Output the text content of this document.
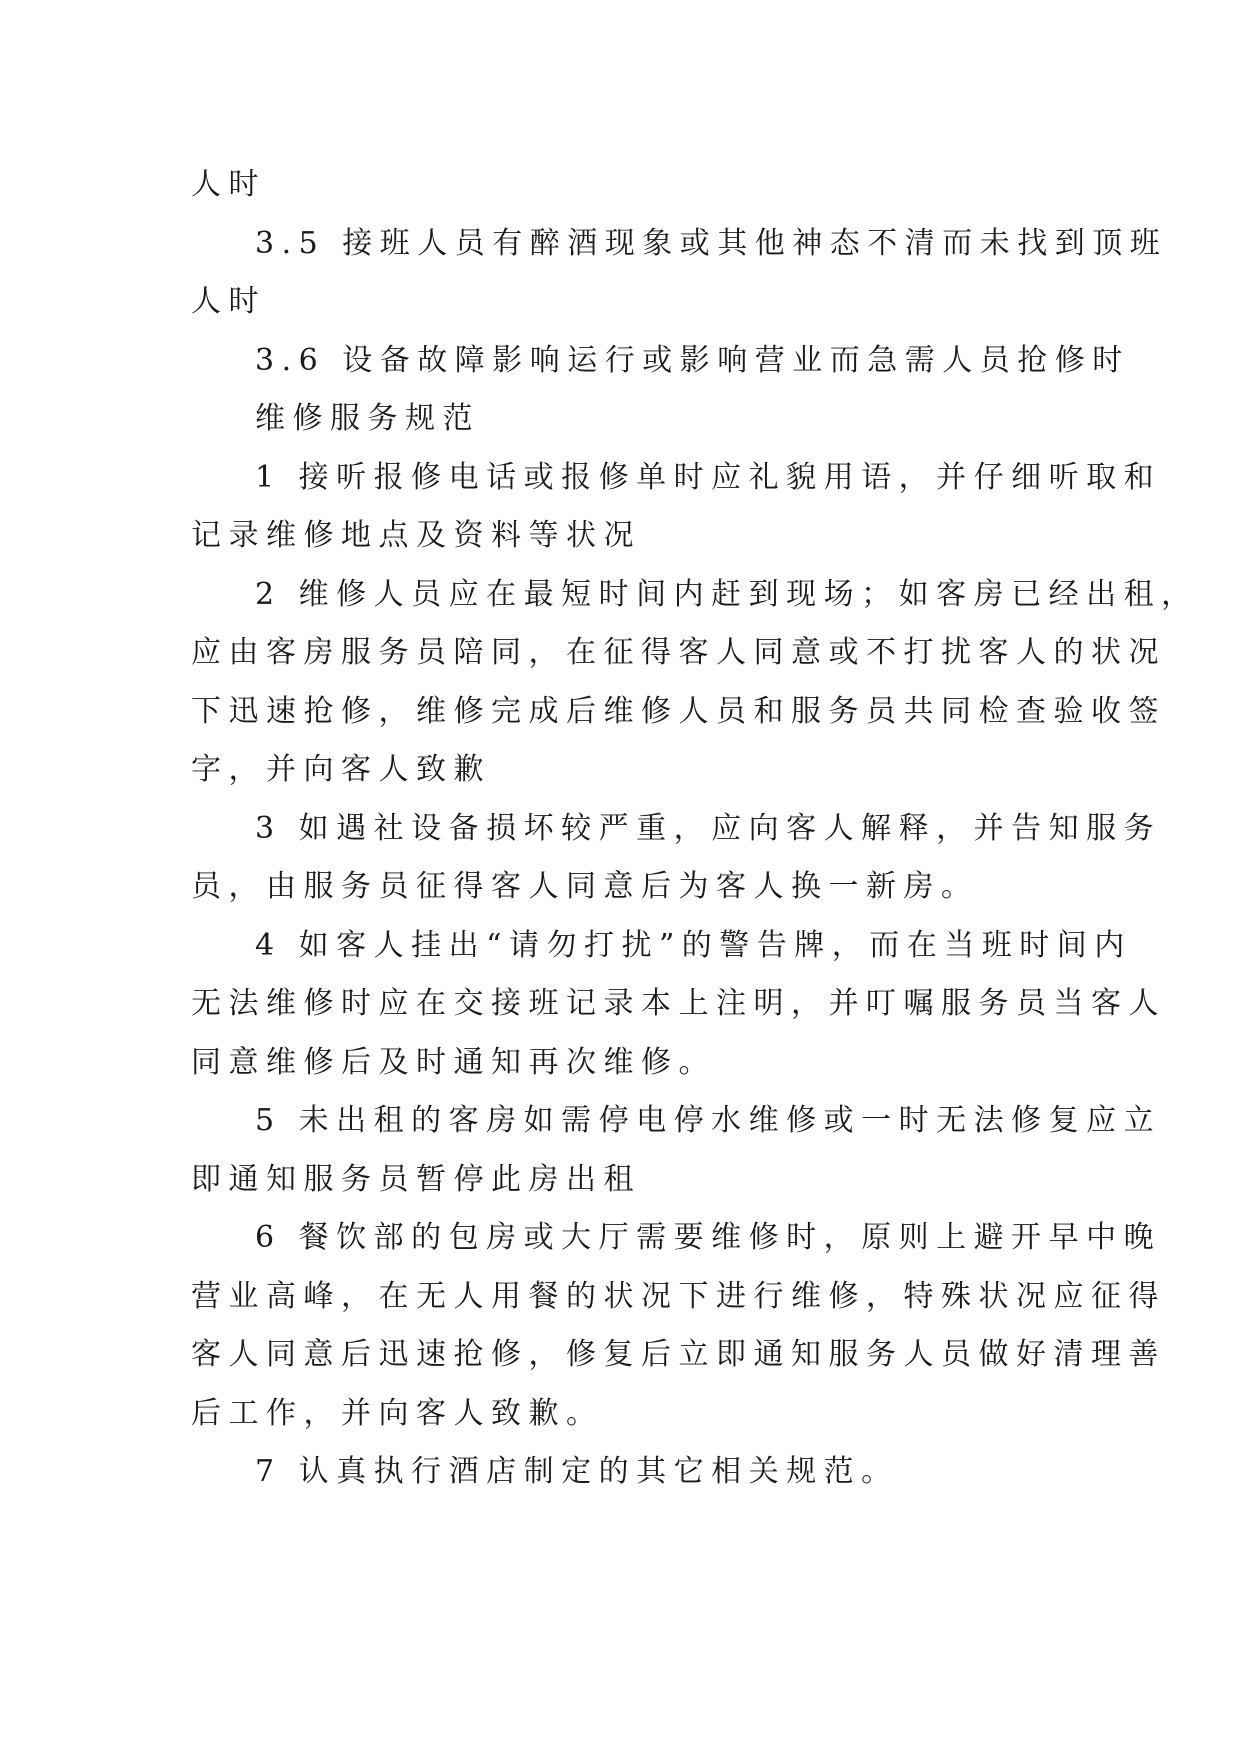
人时
3.5 接班人员有醉酒现象或其他神态不清而未找到顶班
人时
3.6 设备故障影响运行或影响营业而急需人员抢修时
维修服务规范
1 接听报修电话或报修单时应礼貌用语，并仔细听取和
记录维修地点及资料等状况
2 维修人员应在最短时间内赶到现场；如客房已经出租，
应由客房服务员陪同，在征得客人同意或不打扰客人的状况
下迅速抢修，维修完成后维修人员和服务员共同检查验收签
字，并向客人致歉
3 如遇社设备损坏较严重，应向客人解释，并告知服务
员，由服务员征得客人同意后为客人换一新房。
4 如客人挂出“请勿打扰”的警告牌，而在当班时间内
无法维修时应在交接班记录本上注明，并叮嘱服务员当客人
同意维修后及时通知再次维修。
5 未出租的客房如需停电停水维修或一时无法修复应立
即通知服务员暂停此房出租
6 餐饮部的包房或大厅需要维修时，原则上避开早中晚
营业高峰，在无人用餐的状况下进行维修，特殊状况应征得
客人同意后迅速抢修，修复后立即通知服务人员做好清理善
后工作，并向客人致歉。
7 认真执行酒店制定的其它相关规范。
